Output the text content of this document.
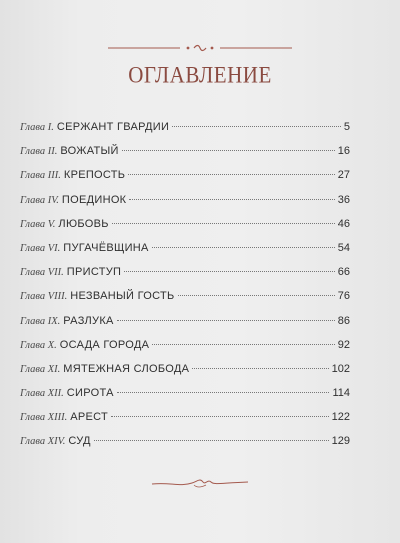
ОГЛАВЛЕНИЕ
Глава I. СЕРЖАНТ ГВАРДИИ	5
Глава II. ВОЖАТЫЙ	16
Глава III. КРЕПОСТЬ	27
Глава IV. ПОЕДИНОК	36
Глава V. ЛЮБОВЬ	46
Глава VI. ПУГАЧЁВЩИНА	54
Глава VII. ПРИСТУП	66
Глава VIII. НЕЗВАНЫЙ ГОСТЬ	76
Глава IX. РАЗЛУКА	86
Глава X. ОСАДА ГОРОДА	92
Глава XI. МЯТЕЖНАЯ СЛОБОДА	102
Глава XII. СИРОТА	114
Глава XIII. АРЕСТ	122
Глава XIV. СУД	129
